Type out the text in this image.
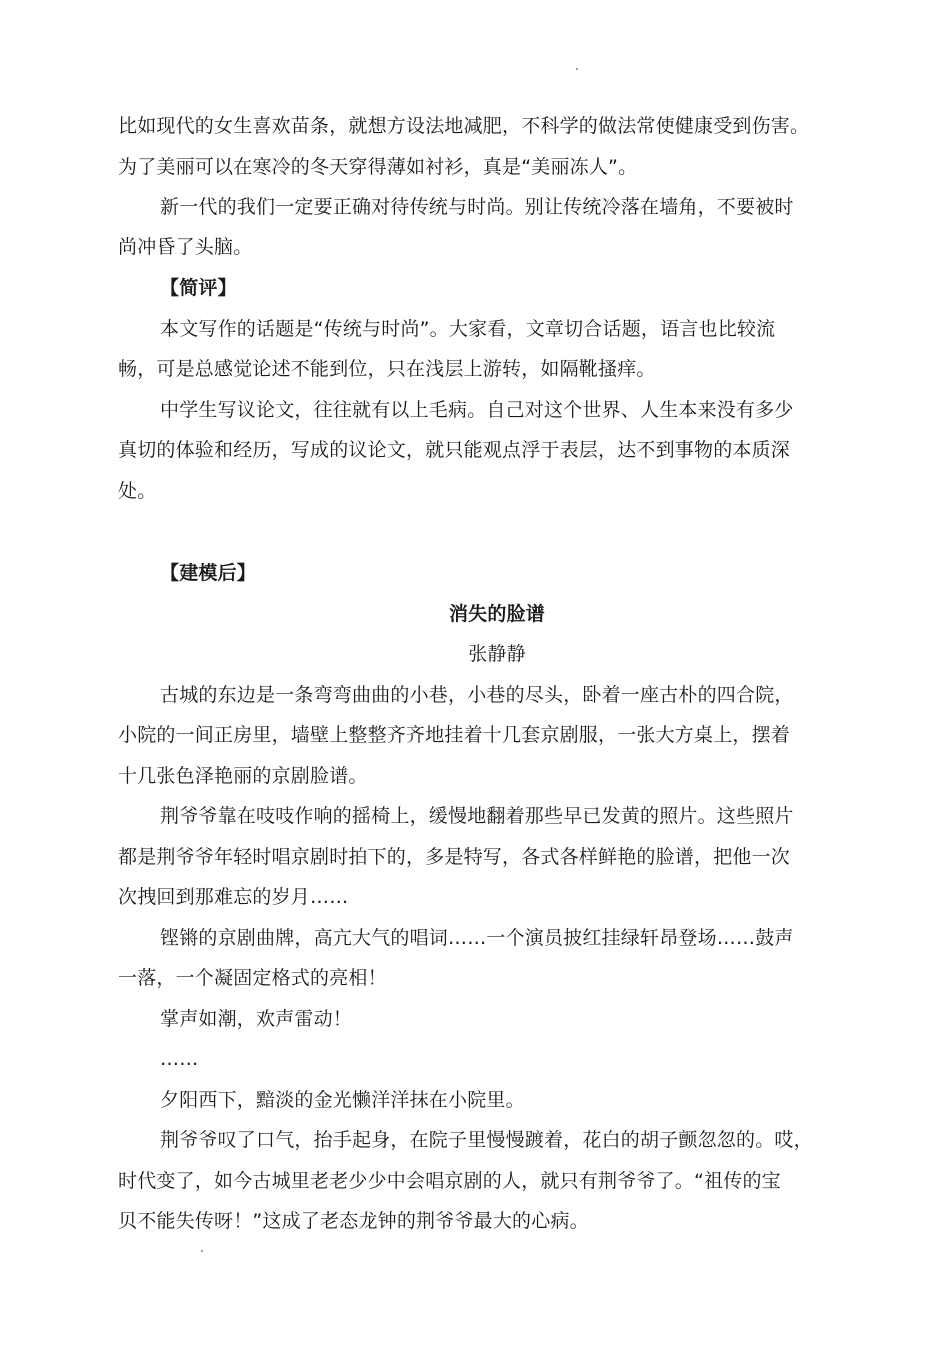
比如现代的女生喜欢苗条，就想方设法地减肥，不科学的做法常使健康受到伤害。
为了美丽可以在寒冷的冬天穿得薄如衬衫，真是“美丽冻人”。
新一代的我们一定要正确对待传统与时尚。别让传统冷落在墙角，不要被时
尚冲昏了头脑。
【简评】
本文写作的话题是“传统与时尚”。大家看，文章切合话题，语言也比较流
畅，可是总感觉论述不能到位，只在浅层上游转，如隔靴搔痒。
中学生写议论文，往往就有以上毛病。自己对这个世界、人生本来没有多少
真切的体验和经历，写成的议论文，就只能观点浮于表层，达不到事物的本质深
处。
【建模后】
消失的脸谱
张静静
古城的东边是一条弯弯曲曲的小巷，小巷的尽头，卧着一座古朴的四合院，
小院的一间正房里，墙壁上整整齐齐地挂着十几套京剧服，一张大方桌上，摆着
十几张色泽艳丽的京剧脸谱。
荆爷爷靠在吱吱作响的摇椅上，缓慢地翻着那些早已发黄的照片。这些照片
都是荆爷爷年轻时唱京剧时拍下的，多是特写，各式各样鲜艳的脸谱，把他一次
次拽回到那难忘的岁月……
铿锵的京剧曲牌，高亢大气的唱词……一个演员披红挂绿轩昂登场……鼓声
一落，一个凝固定格式的亮相！
掌声如潮，欢声雷动！
……
夕阳西下，黯淡的金光懒洋洋抹在小院里。
荆爷爷叹了口气，抬手起身，在院子里慢慢踱着，花白的胡子颤忽忽的。哎，
时代变了，如今古城里老老少少中会唱京剧的人，就只有荆爷爷了。“祖传的宝
贝不能失传呀！”这成了老态龙钟的荆爷爷最大的心病。
